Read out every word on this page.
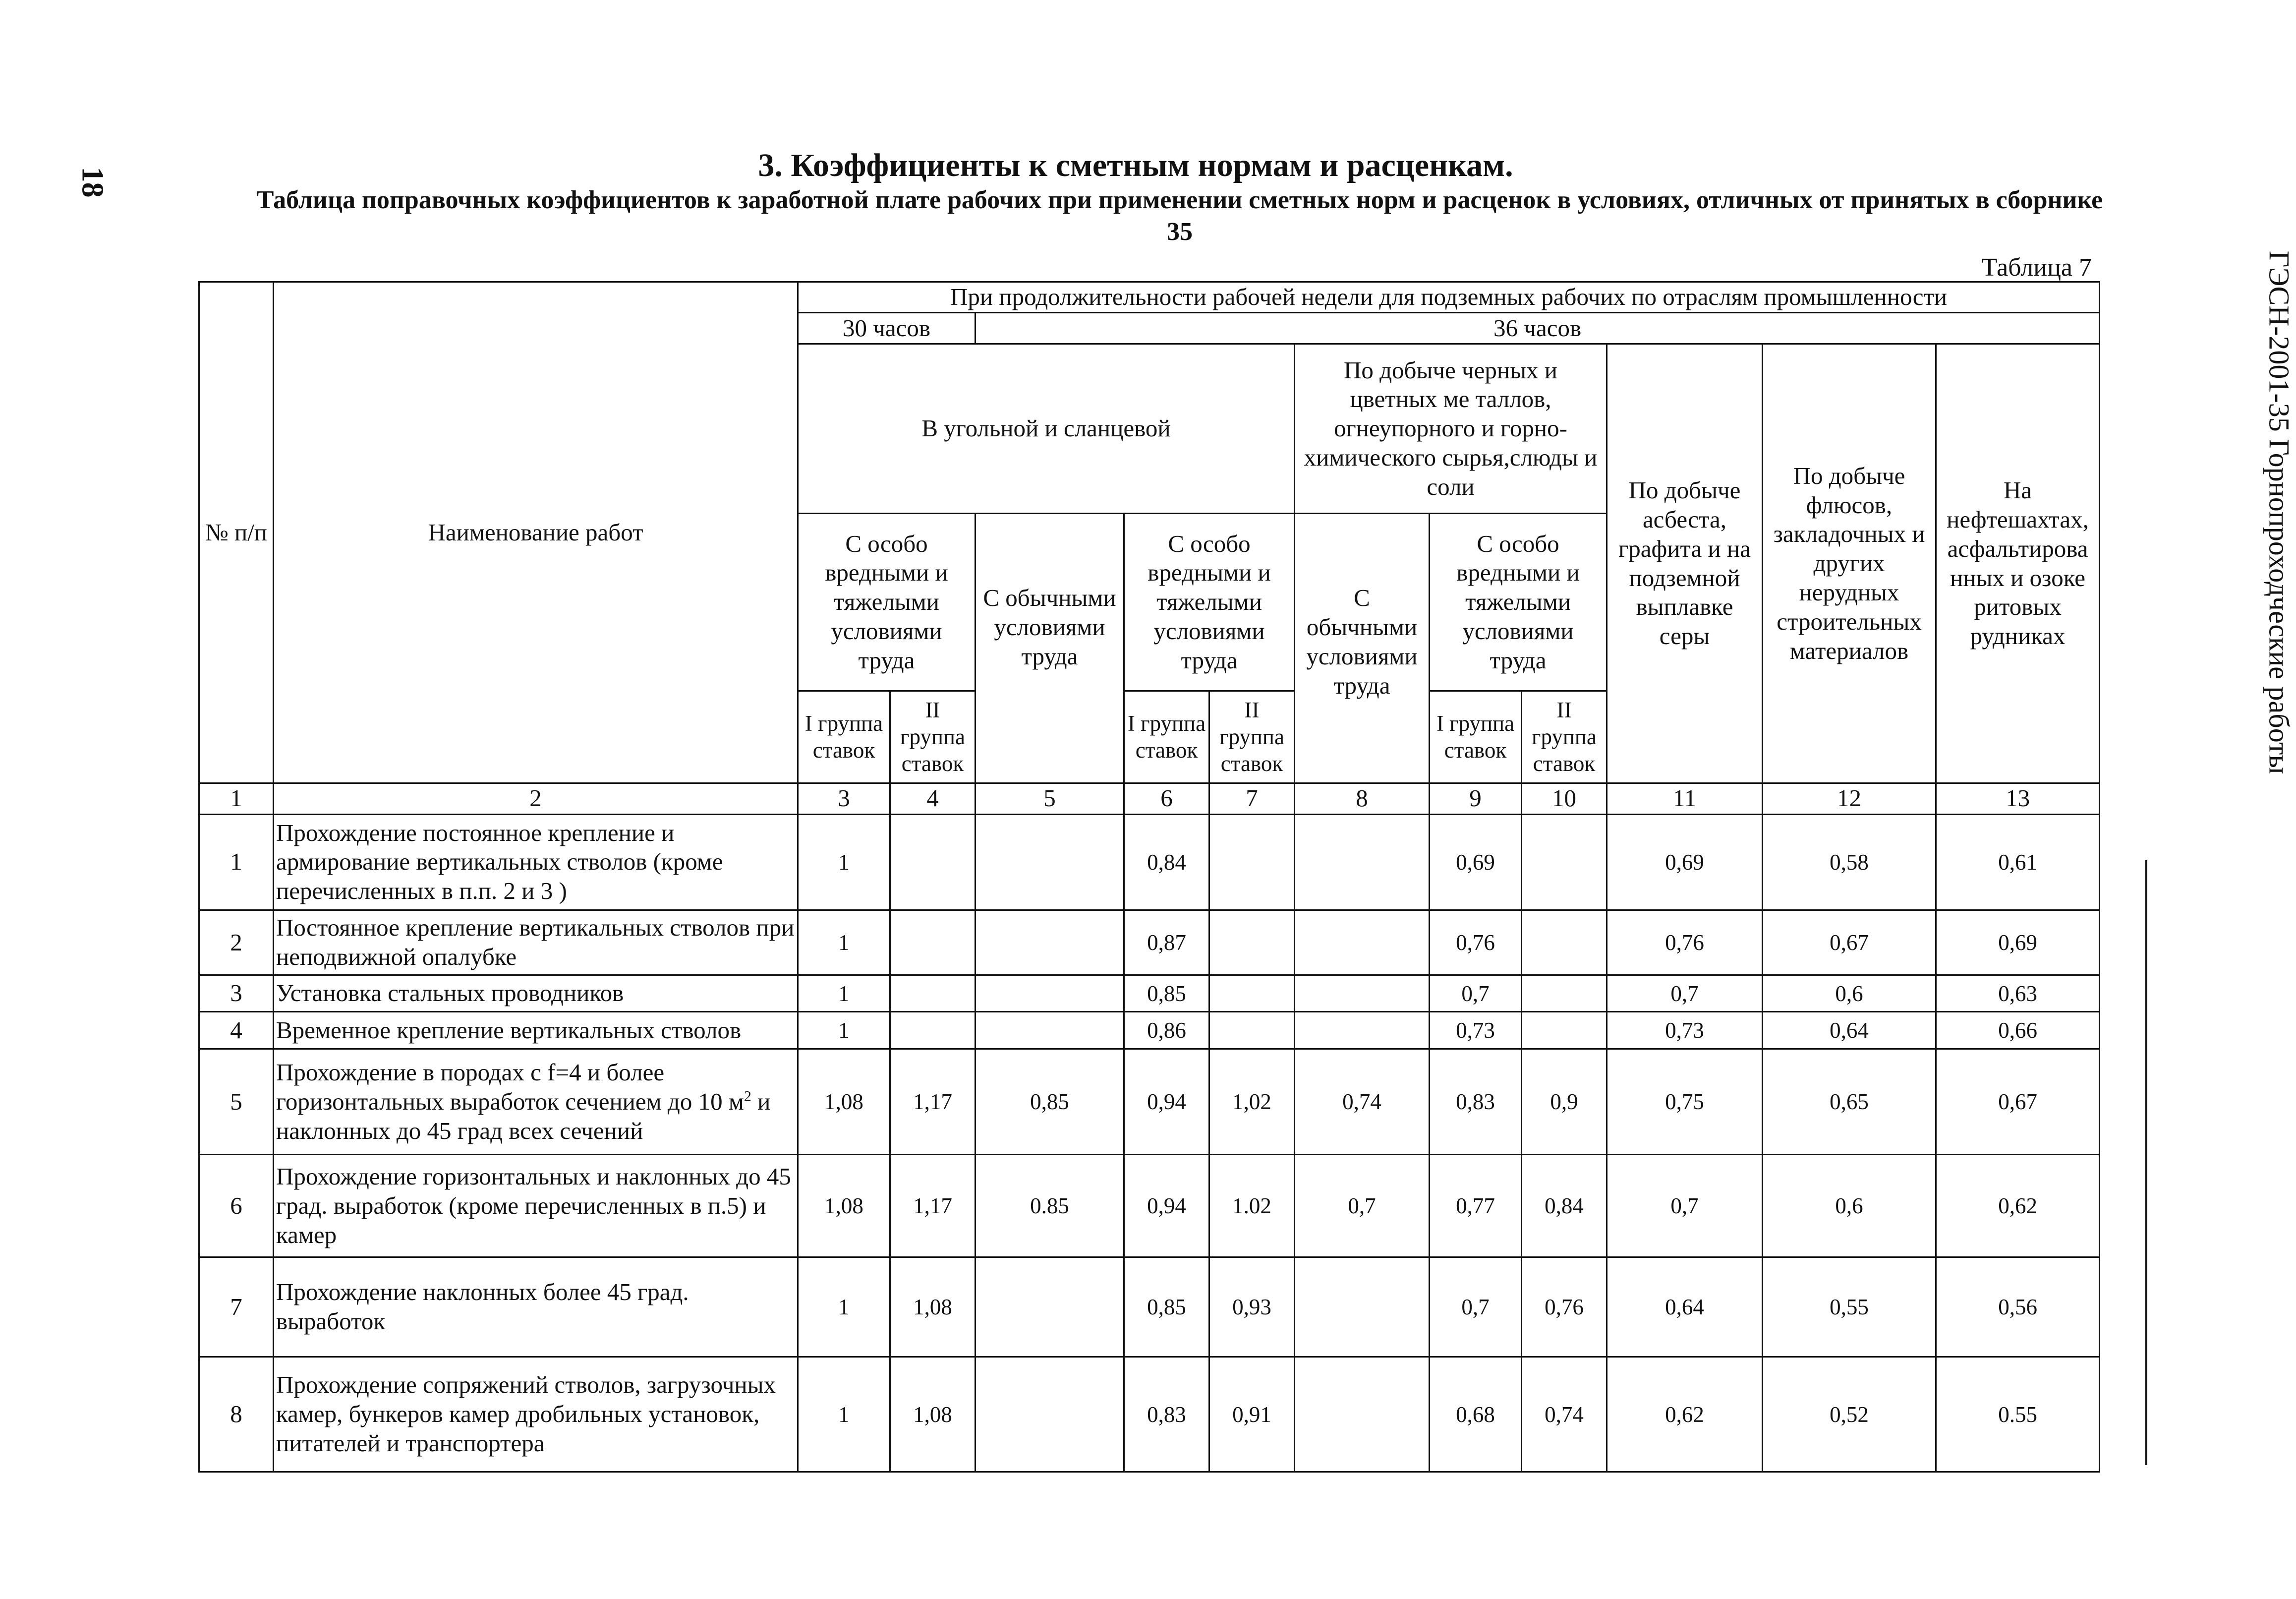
18
ГЭСН-2001-35 Горнопроходческие работы
3. Коэффициенты к сметным нормам и расценкам.
Таблица поправочных коэффициентов к заработной плате рабочих при применении сметных норм и расценок в условиях, отличных от принятых в сборнике 35
Таблица 7
№ п/п	Наименование работ	При продолжительности рабочей недели для подземных рабочих по отраслям промышленности										
		30 часов		36 часов								
		В угольной и сланцевой					По добыче черных и цветных ме таллов, огнеупорного и горно-химического сырья,слюды и соли			По добыче асбеста, графита и на подземной выплавке серы	По добыче флюсов, закладочных и других нерудных строительных материалов	На нефтешахтах, асфальтирова нных и озоке ритовых рудниках
		С особо вредными и тяжелыми условиями труда		С обычными условиями труда	С особо вредными и тяжелыми условиями труда		С обычными условиями труда	С особо вредными и тяжелыми условиями труда				
		I группа ставок	II группа ставок		I группа ставок	II группа ставок		I группа ставок	II группа ставок			
1	2	3	4	5	6	7	8	9	10	11	12	13
1	Прохождение постоянное крепление и армирование вертикальных стволов (кроме перечисленных в п.п. 2 и 3 )	1			0,84			0,69		0,69	0,58	0,61
2	Постоянное крепление вертикальных стволов при неподвижной опалубке	1			0,87			0,76		0,76	0,67	0,69
3	Установка стальных проводников	1			0,85			0,7		0,7	0,6	0,63
4	Временное крепление вертикальных стволов	1			0,86			0,73		0,73	0,64	0,66
5	Прохождение в породах с f=4 и более горизонтальных выработок сечением до 10 $м^2$ и наклонных до 45 град всех сечений	1,08	1,17	0,85	0,94	1,02	0,74	0,83	0,9	0,75	0,65	0,67
6	Прохождение горизонтальных и наклонных до 45 град. выработок (кроме перечисленных в п.5) и камер	1,08	1,17	0.85	0,94	1.02	0,7	0,77	0,84	0,7	0,6	0,62
7	Прохождение наклонных более 45 град. выработок	1	1,08		0,85	0,93		0,7	0,76	0,64	0,55	0,56
8	Прохождение сопряжений стволов, загрузочных камер, бункеров камер дробильных установок, питателей и транспортера	1	1,08		0,83	0,91		0,68	0,74	0,62	0,52	0.55
